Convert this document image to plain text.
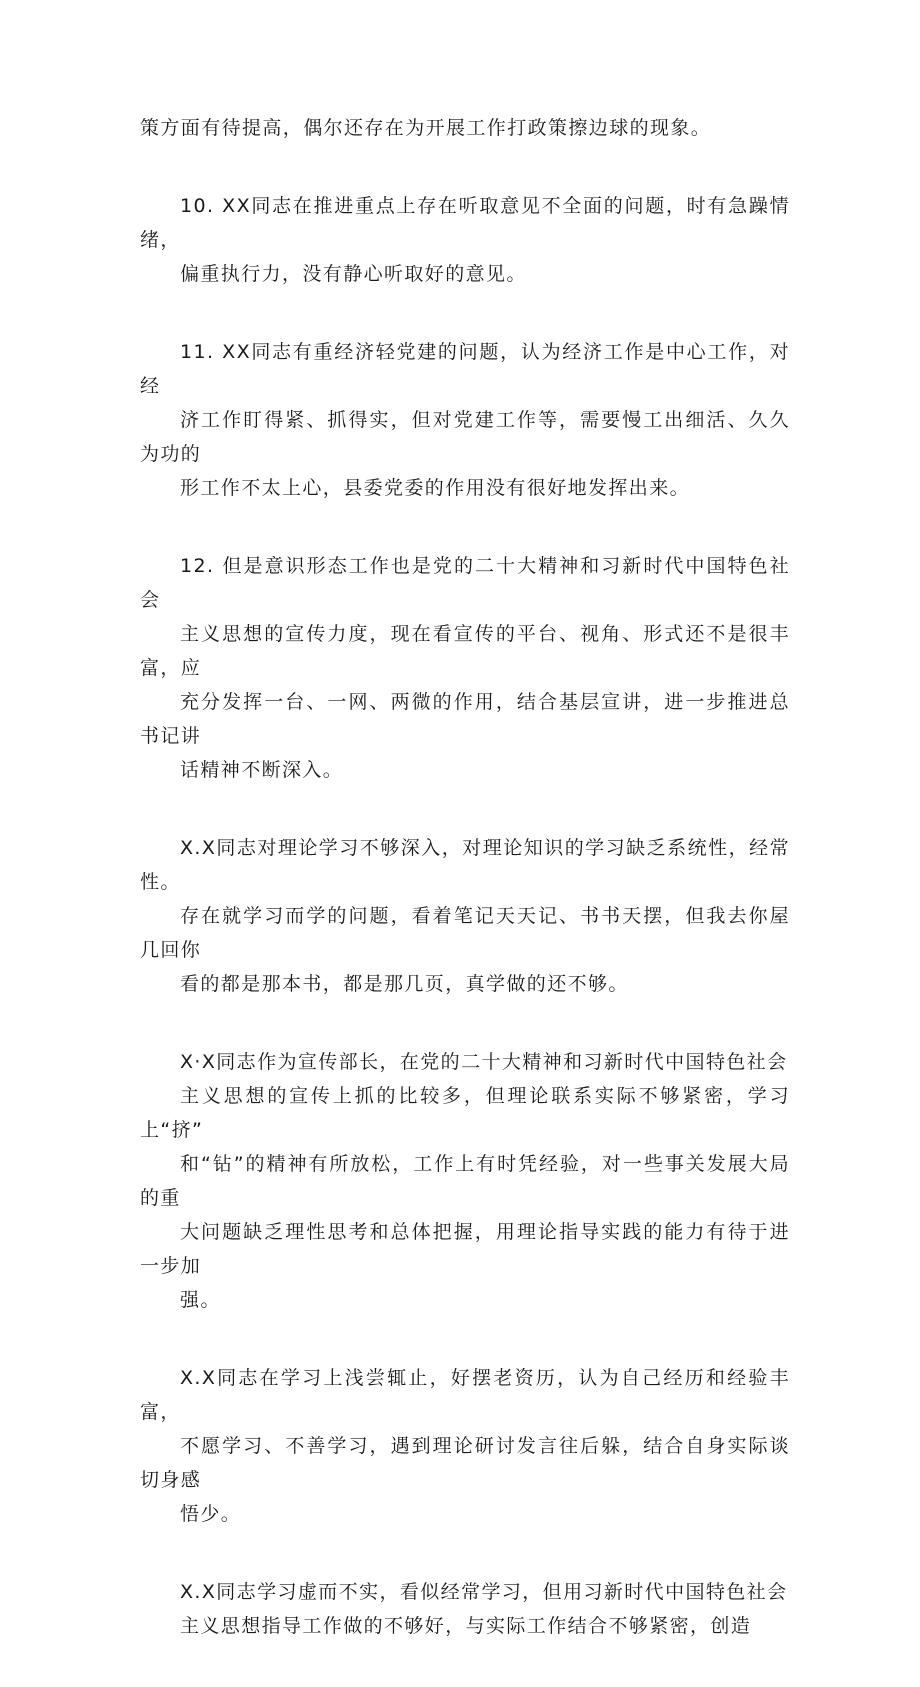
策方面有待提高，偶尔还存在为开展工作打政策擦边球的现象。

10. XX同志在推进重点上存在听取意见不全面的问题，时有急躁情绪，
偏重执行力，没有静心听取好的意见。

11. XX同志有重经济轻党建的问题，认为经济工作是中心工作，对经
济工作盯得紧、抓得实，但对党建工作等，需要慢工出细活、久久为功的
形工作不太上心，县委党委的作用没有很好地发挥出来。

12. 但是意识形态工作也是党的二十大精神和习新时代中国特色社会
主义思想的宣传力度，现在看宣传的平台、视角、形式还不是很丰富，应
充分发挥一台、一网、两微的作用，结合基层宣讲，进一步推进总书记讲
话精神不断深入。

X.X同志对理论学习不够深入，对理论知识的学习缺乏系统性，经常性。
存在就学习而学的问题，看着笔记天天记、书书天摆，但我去你屋几回你
看的都是那本书，都是那几页，真学做的还不够。

X·X同志作为宣传部长，在党的二十大精神和习新时代中国特色社会
主义思想的宣传上抓的比较多，但理论联系实际不够紧密，学习上“挤”
和“钻”的精神有所放松，工作上有时凭经验，对一些事关发展大局的重
大问题缺乏理性思考和总体把握，用理论指导实践的能力有待于进一步加
强。

X.X同志在学习上浅尝辄止，好摆老资历，认为自己经历和经验丰富，
不愿学习、不善学习，遇到理论研讨发言往后躲，结合自身实际谈切身感
悟少。

X.X同志学习虚而不实，看似经常学习，但用习新时代中国特色社会
主义思想指导工作做的不够好，与实际工作结合不够紧密，创造
